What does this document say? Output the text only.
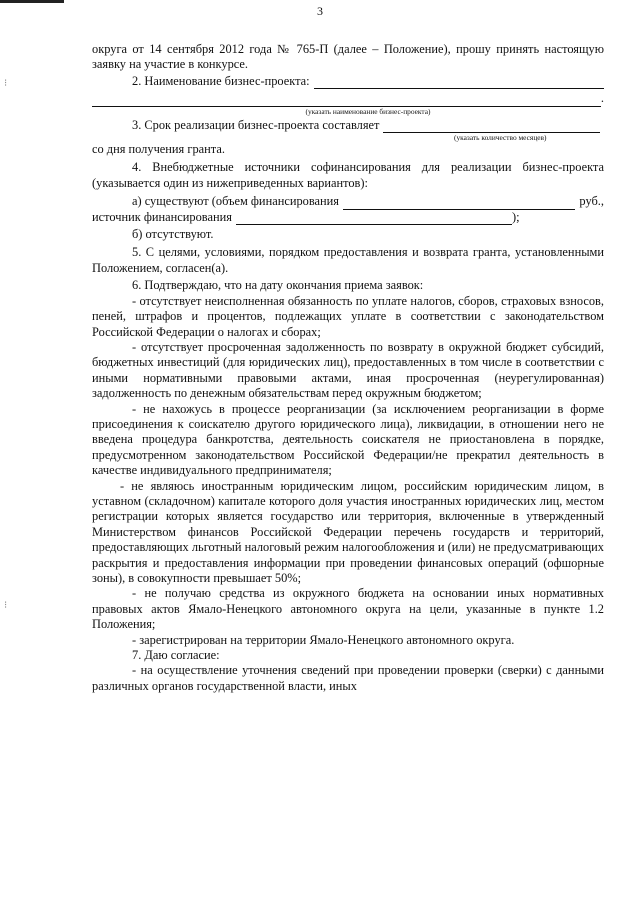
⁝
⁝
3

округа от 14 сентября 2012 года № 765-П (далее – Положение), прошу принять настоящую заявку на участие в конкурсе.

2. Наименование бизнес-проекта:
.
(указать наименование бизнес-проекта)
3. Срок реализации бизнес-проекта составляет
(указать количество месяцев)

со дня получения гранта.

4. Внебюджетные источники софинансирования для реализации бизнес-проекта (указывается один из нижеприведенных вариантов):

а) существуют (объем финансирования	руб.,
источник финансирования	);

б) отсутствуют.

5. С целями, условиями, порядком предоставления и возврата гранта, установленными Положением, согласен(а).

6. Подтверждаю, что на дату окончания приема заявок:

- отсутствует неисполненная обязанность по уплате налогов, сборов, страховых взносов, пеней, штрафов и процентов, подлежащих уплате в соответствии с законодательством Российской Федерации о налогах и сборах;

- отсутствует просроченная задолженность по возврату в окружной бюджет субсидий, бюджетных инвестиций (для юридических лиц), предоставленных в том числе в соответствии с иными нормативными правовыми актами, иная просроченная (неурегулированная) задолженность по денежным обязательствам перед окружным бюджетом;

- не нахожусь в процессе реорганизации (за исключением реорганизации в форме присоединения к соискателю другого юридического лица), ликвидации, в отношении него не введена процедура банкротства, деятельность соискателя не приостановлена в порядке, предусмотренном законодательством Российской Федерации/не прекратил деятельность в качестве индивидуального предпринимателя;

- не являюсь иностранным юридическим лицом, российским юридическим лицом, в уставном (складочном) капитале которого доля участия иностранных юридических лиц, местом регистрации которых является государство или территория, включенные в утвержденный Министерством финансов Российской Федерации перечень государств и территорий, предоставляющих льготный налоговый режим налогообложения и (или) не предусматривающих раскрытия и предоставления информации при проведении финансовых операций (офшорные зоны), в совокупности превышает 50%;

- не получаю средства из окружного бюджета на основании иных нормативных правовых актов Ямало-Ненецкого автономного округа на цели, указанные в пункте 1.2 Положения;

- зарегистрирован на территории Ямало-Ненецкого автономного округа.

7. Даю согласие:

- на осуществление уточнения сведений при проведении проверки (сверки) с данными различных органов государственной власти, иных
